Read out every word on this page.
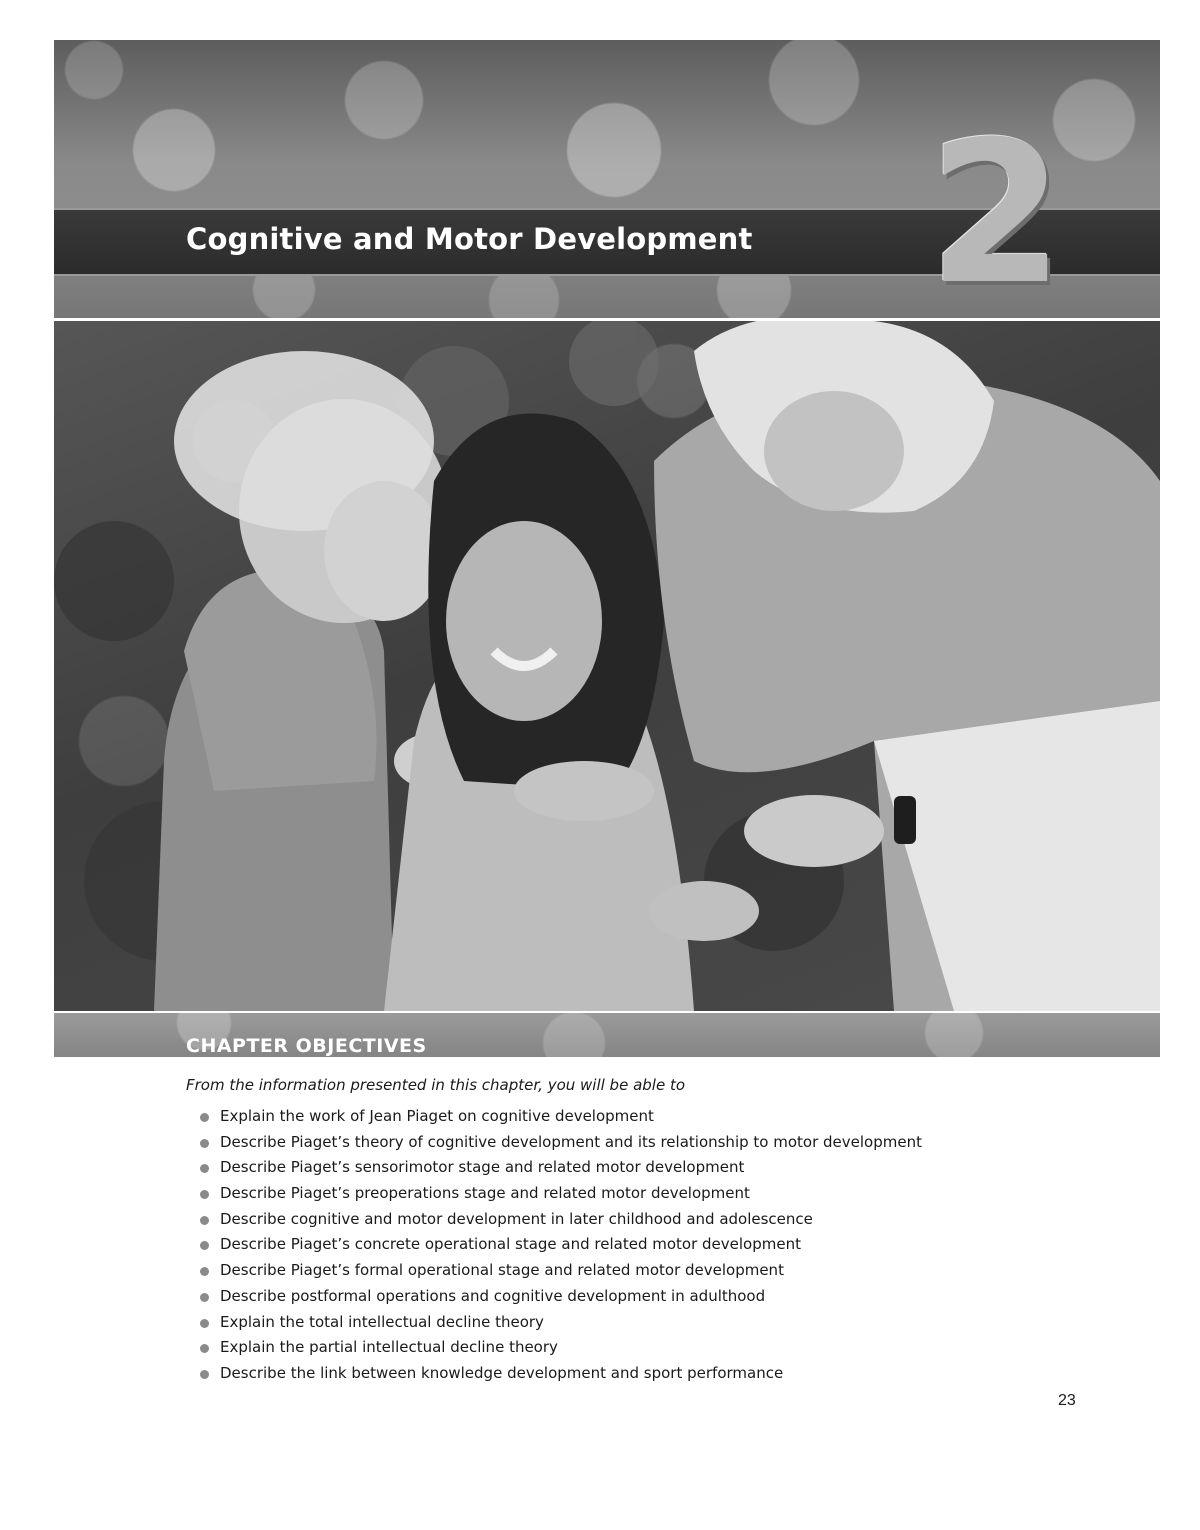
Cognitive and Motor Development 2
CHAPTER OBJECTIVES
From the information presented in this chapter, you will be able to
Explain the work of Jean Piaget on cognitive development
Describe Piaget’s theory of cognitive development and its relationship to motor development
Describe Piaget’s sensorimotor stage and related motor development
Describe Piaget’s preoperations stage and related motor development
Describe cognitive and motor development in later childhood and adolescence
Describe Piaget’s concrete operational stage and related motor development
Describe Piaget’s formal operational stage and related motor development
Describe postformal operations and cognitive development in adulthood
Explain the total intellectual decline theory
Explain the partial intellectual decline theory
Describe the link between knowledge development and sport performance
23
